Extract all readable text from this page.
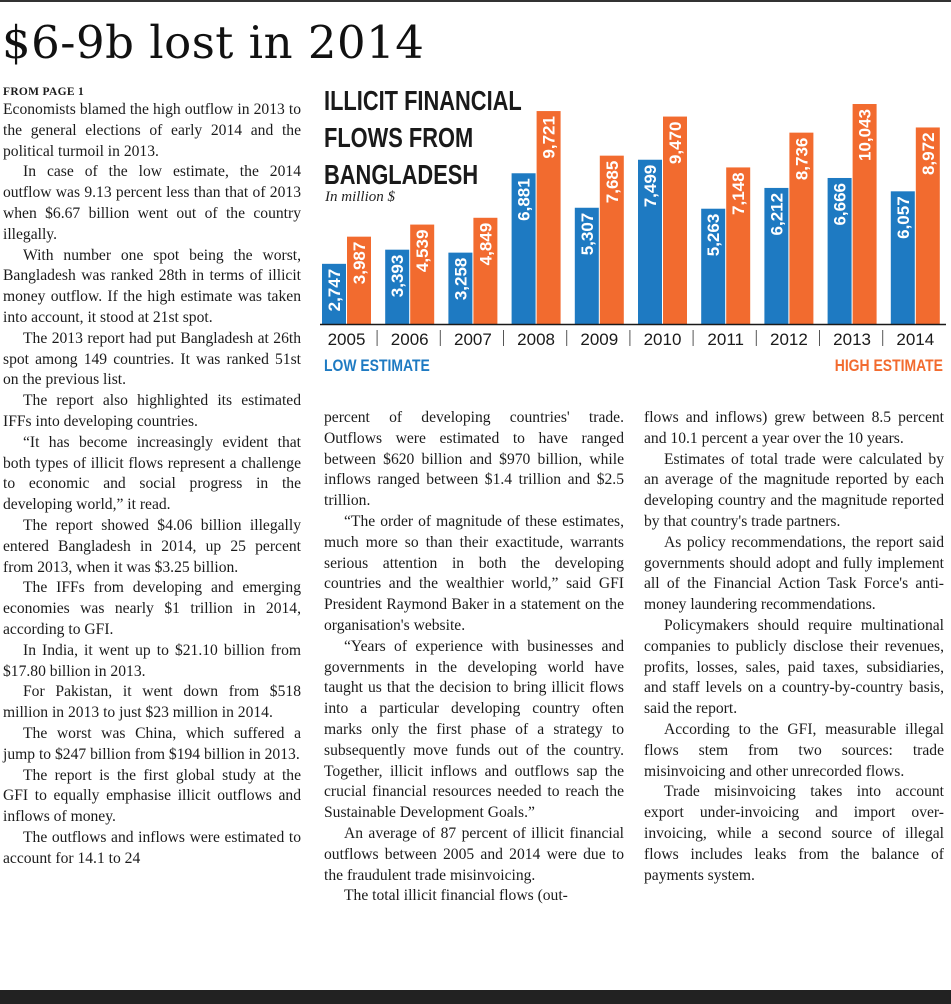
$6-9b lost in 2014
FROM PAGE 1

Economists blamed the high outflow in 2013 to the general elections of early 2014 and the political turmoil in 2013.

In case of the low estimate, the 2014 outflow was 9.13 percent less than that of 2013 when $6.67 billion went out of the country illegally.

With number one spot being the worst, Bangladesh was ranked 28th in terms of illicit money outflow. If the high estimate was taken into account, it stood at 21st spot.

The 2013 report had put Bangladesh at 26th spot among 149 countries. It was ranked 51st on the previous list.

The report also highlighted its estimated IFFs into developing countries.

“It has become increasingly evident that both types of illicit flows represent a challenge to economic and social progress in the developing world,” it read.

The report showed $4.06 billion illegally entered Bangladesh in 2014, up 25 percent from 2013, when it was $3.25 billion.

The IFFs from developing and emerging economies was nearly $1 trillion in 2014, according to GFI.

In India, it went up to $21.10 billion from $17.80 billion in 2013.

For Pakistan, it went down from $518 million in 2013 to just $23 million in 2014.

The worst was China, which suffered a jump to $247 billion from $194 billion in 2013.

The report is the first global study at the GFI to equally emphasise illicit outflows and inflows of money.

The outflows and inflows were estimated to account for 14.1 to 24

2,747
3,987
2005
3,393
4,539
2006
3,258
4,849
2007
6,881
9,721
2008
5,307
7,685
2009
7,499
9,470
2010
5,263
7,148
2011
6,212
8,736
2012
6,666
10,043
2013
6,057
8,972
2014
ILLICIT FINANCIAL
FLOWS FROM
BANGLADESH
In million $
LOW ESTIMATE	HIGH ESTIMATE

percent of developing countries' trade. Outflows were estimated to have ranged between $620 billion and $970 billion, while inflows ranged between $1.4 trillion and $2.5 trillion.

“The order of magnitude of these estimates, much more so than their exactitude, warrants serious attention in both the developing countries and the wealthier world,” said GFI President Raymond Baker in a statement on the organisation's website.

“Years of experience with businesses and governments in the developing world have taught us that the decision to bring illicit flows into a particular developing country often marks only the first phase of a strategy to subsequently move funds out of the country. Together, illicit inflows and outflows sap the crucial financial resources needed to reach the Sustainable Development Goals.”

An average of 87 percent of illicit financial outflows between 2005 and 2014 were due to the fraudulent trade misinvoicing.

The total illicit financial flows (out-

flows and inflows) grew between 8.5 percent and 10.1 percent a year over the 10 years.

Estimates of total trade were calculated by an average of the magnitude reported by each developing country and the magnitude reported by that country's trade partners.

As policy recommendations, the report said governments should adopt and fully implement all of the Financial Action Task Force's anti-money laundering recommendations.

Policymakers should require multinational companies to publicly disclose their revenues, profits, losses, sales, paid taxes, subsidiaries, and staff levels on a country-by-country basis, said the report.

According to the GFI, measurable illegal flows stem from two sources: trade misinvoicing and other unrecorded flows.

Trade misinvoicing takes into account export under-invoicing and import over-invoicing, while a second source of illegal flows includes leaks from the balance of payments system.
